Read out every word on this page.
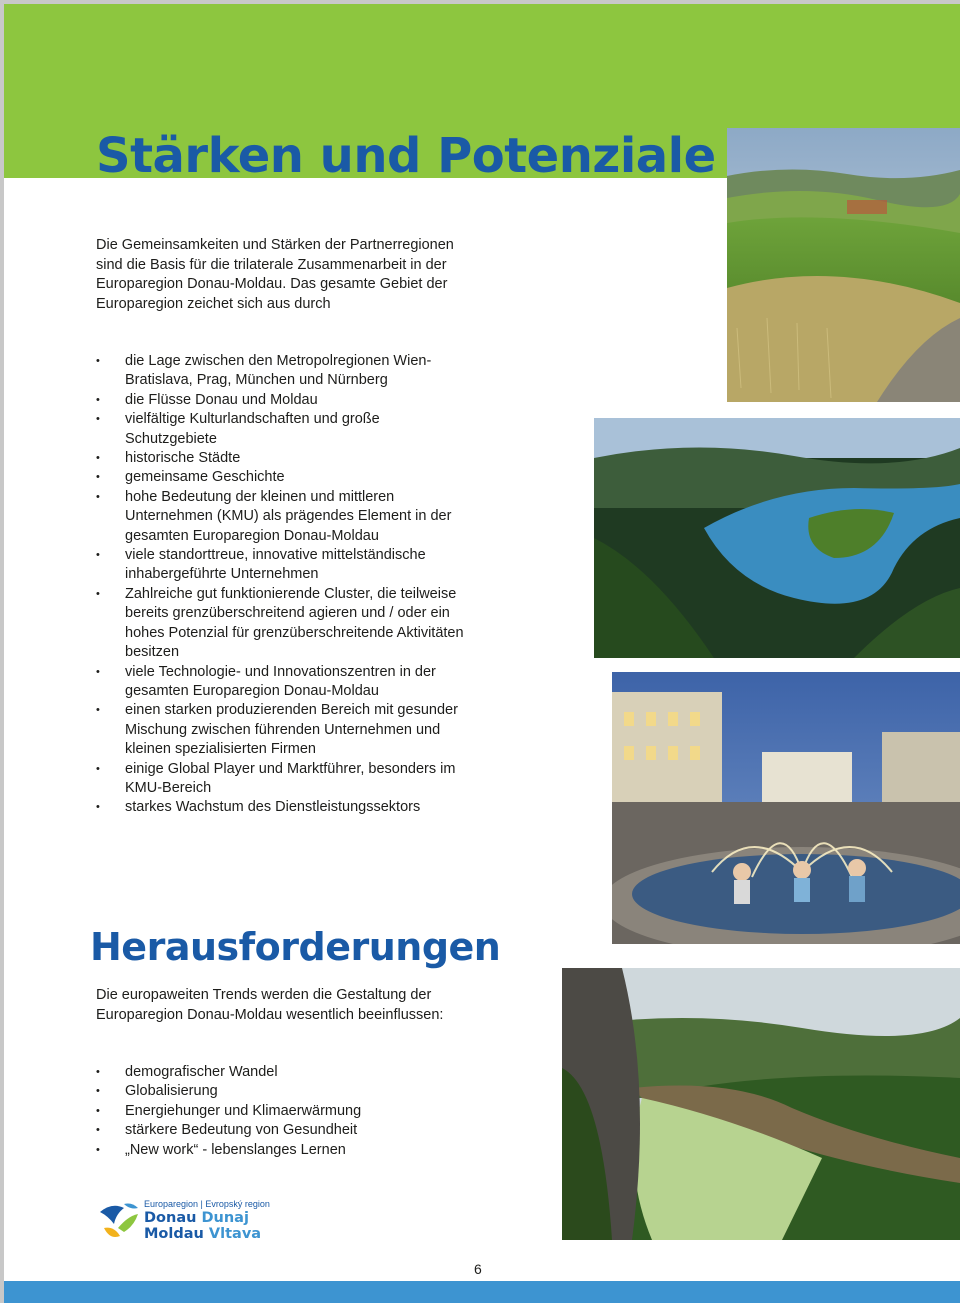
Stärken und Potenziale

Die Gemeinsamkeiten und Stärken der Partnerregionen sind die Basis für die trilaterale Zusammenarbeit in der Europaregion Donau-Moldau. Das gesamte Gebiet der Europaregion zeichet sich aus durch

• die Lage zwischen den Metropolregionen Wien-Bratislava, Prag, München und Nürnberg
• die Flüsse Donau und Moldau
• vielfältige Kulturlandschaften und große Schutzgebiete
• historische Städte
• gemeinsame Geschichte
• hohe Bedeutung der kleinen und mittleren Unternehmen (KMU) als prägendes Element in der gesamten Europaregion Donau-Moldau
• viele standorttreue, innovative mittelständische inhabergeführte Unternehmen
• Zahlreiche gut funktionierende Cluster, die teilweise bereits grenzüberschreitend agieren und / oder ein hohes Potenzial für grenzüberschreitende Aktivitäten besitzen
• viele Technologie- und Innovationszentren in der gesamten Europaregion Donau-Moldau
• einen starken produzierenden Bereich mit gesunder Mischung zwischen führenden Unternehmen und kleinen spezialisierten Firmen
• einige Global Player und Marktführer, besonders im KMU-Bereich
• starkes Wachstum des Dienstleistungssektors
Herausforderungen

Die europaweiten Trends werden die Gestaltung der Europaregion Donau-Moldau wesentlich beeinflussen:

• demografischer Wandel
• Globalisierung
• Energiehunger und Klimaerwärmung
• stärkere Bedeutung von Gesundheit
• „New work“ - lebenslanges Lernen
Europaregion | Evropský region
Donau Dunaj
Moldau Vltava
6
